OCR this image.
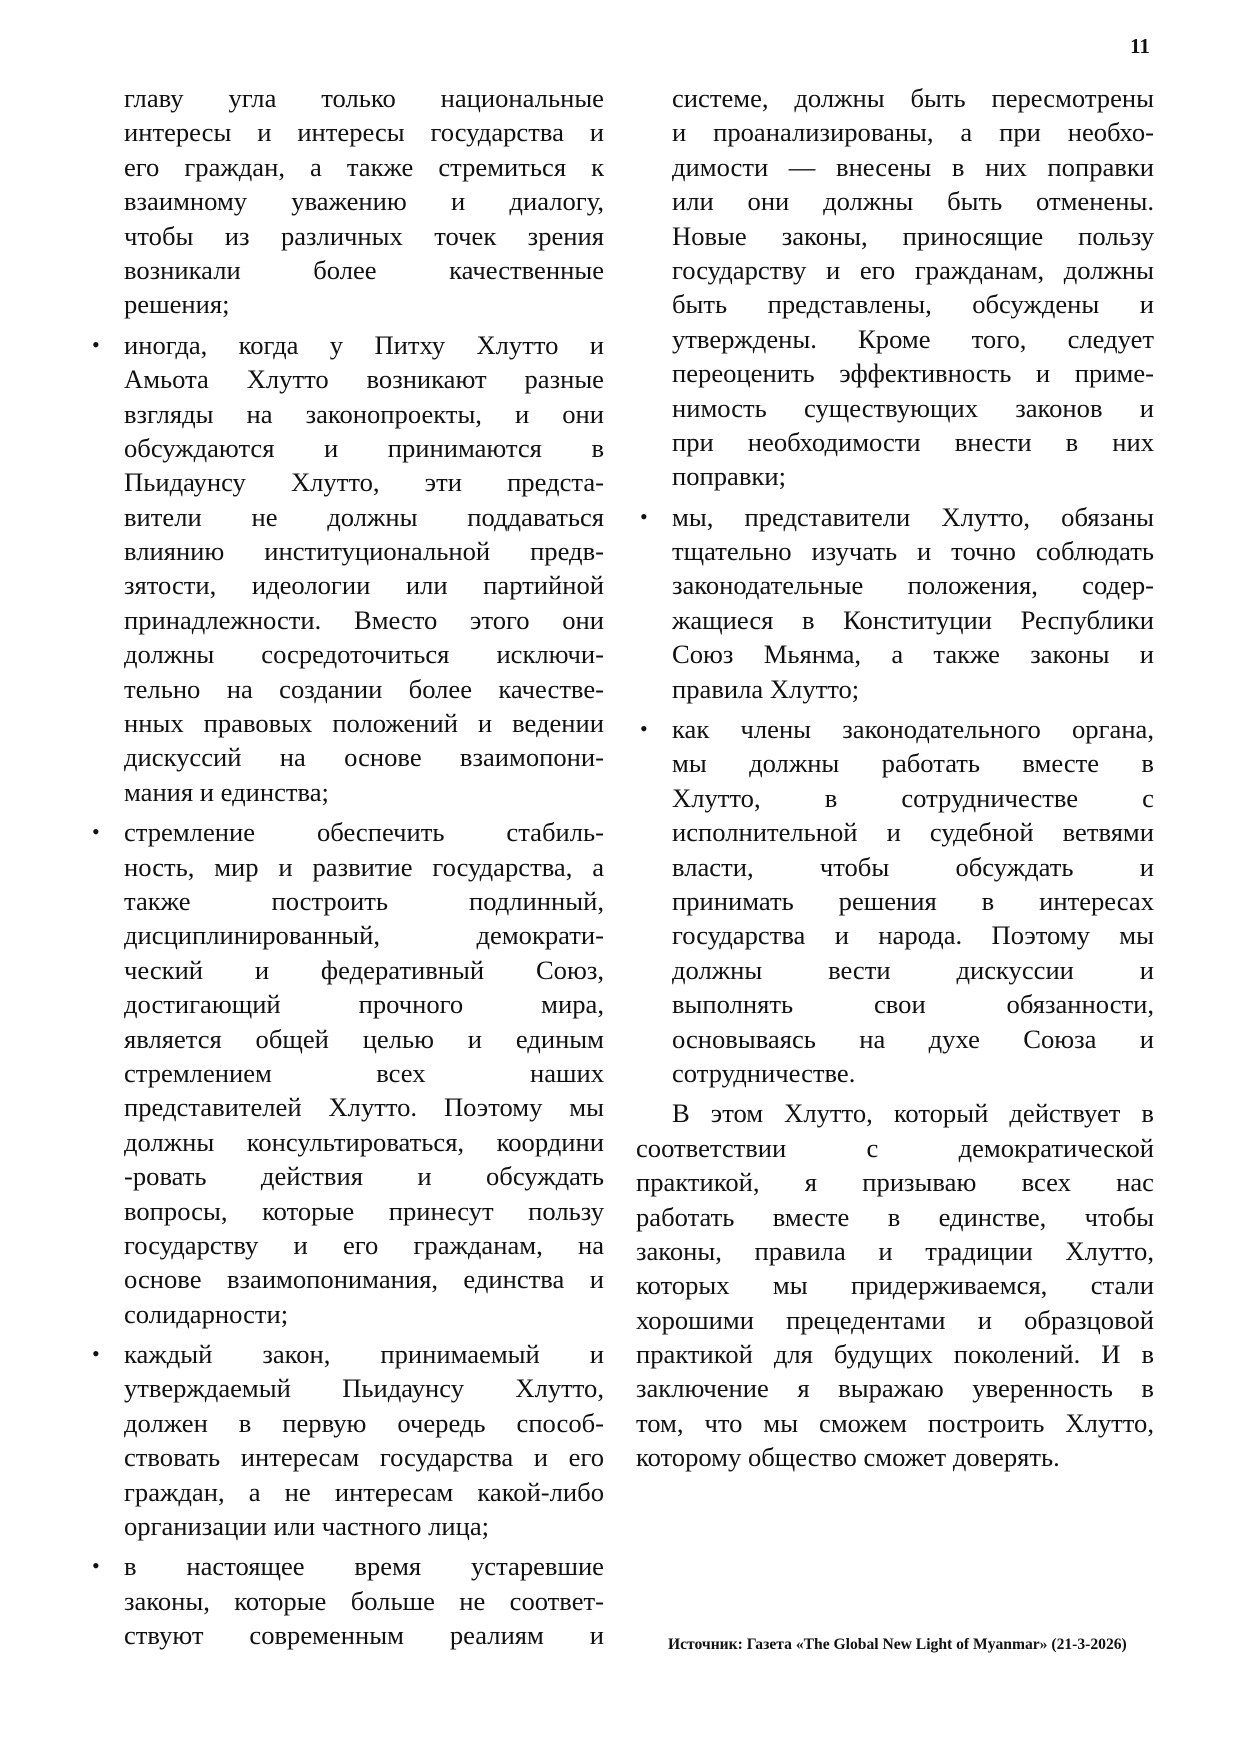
11
главу угла только национальные
интересы и интересы государства и
его граждан, а также стремиться к
взаимному уважению и диалогу,
чтобы из различных точек зрения
возникали более качественные
решения;
• иногда, когда у Питху Хлутто и
Амьота Хлутто возникают разные
взгляды на законопроекты, и они
обсуждаются и принимаются в
Пьидаунсу Хлутто, эти предста-
вители не должны поддаваться
влиянию институциональной предв-
зятости, идеологии или партийной
принадлежности. Вместо этого они
должны сосредоточиться исключи-
тельно на создании более качестве-
нных правовых положений и ведении
дискуссий на основе взаимопони-
мания и единства;
• стремление обеспечить стабиль-
ность, мир и развитие государства, а
также построить подлинный,
дисциплинированный, демократи-
ческий и федеративный Союз,
достигающий прочного мира,
является общей целью и единым
стремлением всех наших
представителей Хлутто. Поэтому мы
должны консультироваться, координи
-ровать действия и обсуждать
вопросы, которые принесут пользу
государству и его гражданам, на
основе взаимопонимания, единства и
солидарности;
• каждый закон, принимаемый и
утверждаемый Пьидаунсу Хлутто,
должен в первую очередь способ-
ствовать интересам государства и его
граждан, а не интересам какой-либо
организации или частного лица;
• в настоящее время устаревшие
законы, которые больше не соответ-
ствуют современным реалиям и
системе, должны быть пересмотрены
и проанализированы, а при необхо-
димости — внесены в них поправки
или они должны быть отменены.
Новые законы, приносящие пользу
государству и его гражданам, должны
быть представлены, обсуждены и
утверждены. Кроме того, следует
переоценить эффективность и приме-
нимость существующих законов и
при необходимости внести в них
поправки;
• мы, представители Хлутто, обязаны
тщательно изучать и точно соблюдать
законодательные положения, содер-
жащиеся в Конституции Республики
Союз Мьянма, а также законы и
правила Хлутто;
• как члены законодательного органа,
мы должны работать вместе в
Хлутто, в сотрудничестве с
исполнительной и судебной ветвями
власти, чтобы обсуждать и
принимать решения в интересах
государства и народа. Поэтому мы
должны вести дискуссии и
выполнять свои обязанности,
основываясь на духе Союза и
сотрудничестве.
В этом Хлутто, который действует в
соответствии с демократической
практикой, я призываю всех нас
работать вместе в единстве, чтобы
законы, правила и традиции Хлутто,
которых мы придерживаемся, стали
хорошими прецедентами и образцовой
практикой для будущих поколений. И в
заключение я выражаю уверенность в
том, что мы сможем построить Хлутто,
которому общество сможет доверять.
Источник: Газета «The Global New Light of Myanmar» (21-3-2026)
